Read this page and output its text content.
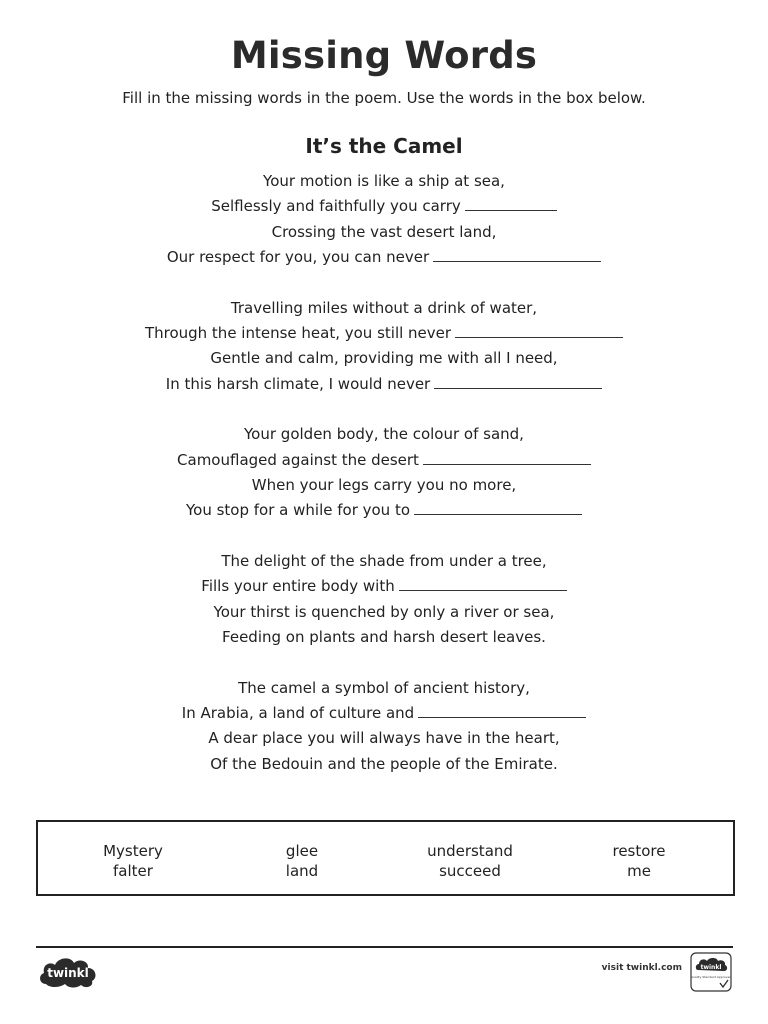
Missing Words
Fill in the missing words in the poem. Use the words in the box below.
It’s the Camel
Your motion is like a ship at sea,
Selflessly and faithfully you carry
Crossing the vast desert land,
Our respect for you, you can never
Travelling miles without a drink of water,
Through the intense heat, you still never
Gentle and calm, providing me with all I need,
In this harsh climate, I would never
Your golden body, the colour of sand,
Camouflaged against the desert
When your legs carry you no more,
You stop for a while for you to
The delight of the shade from under a tree,
Fills your entire body with
Your thirst is quenched by only a river or sea,
Feeding on plants and harsh desert leaves.
The camel a symbol of ancient history,
In Arabia, a land of culture and
A dear place you will always have in the heart,
Of the Bedouin and the people of the Emirate.
Mystery
falter
glee
land
understand
succeed
restore
me
twinkl	visit twinkl.com	twinkl
Quality Standard Approved
